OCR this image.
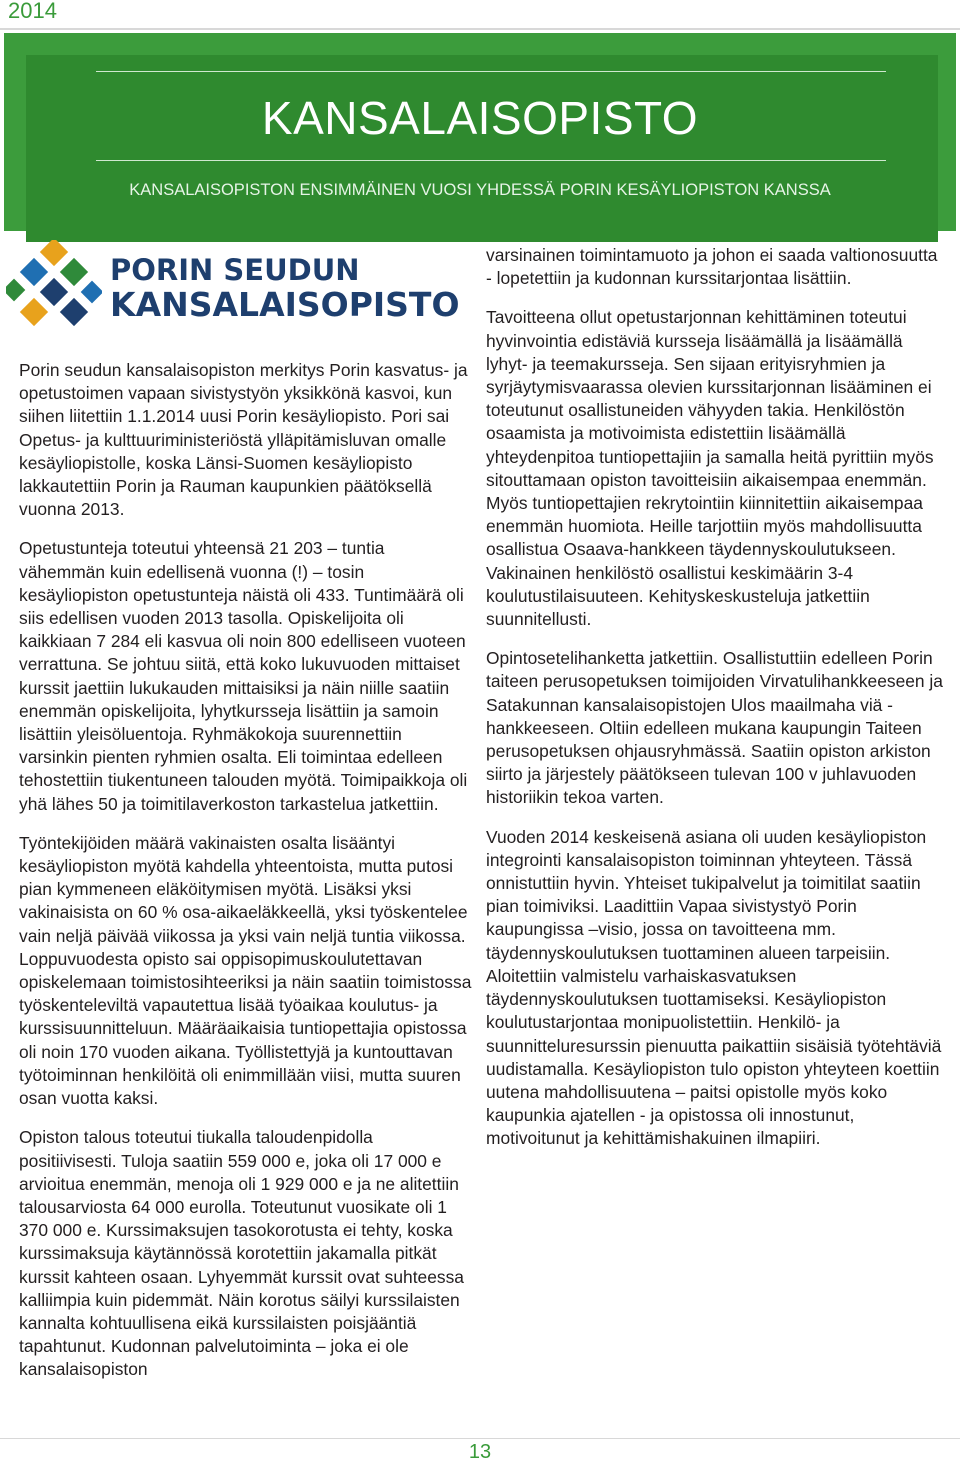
2014
KANSALAISOPISTO
KANSALAISOPISTON ENSIMMÄINEN VUOSI YHDESSÄ PORIN KESÄYLIOPISTON KANSSA
PORIN SEUDUN
KANSALAISOPISTO

Porin seudun kansalaisopiston merkitys Porin kasvatus- ja opetustoimen vapaan sivistystyön yksikkönä kasvoi, kun siihen liitettiin 1.1.2014 uusi Porin kesäyliopisto. Pori sai Opetus- ja kulttuuriministeriöstä ylläpitämisluvan omalle kesäyliopistolle, koska Länsi-Suomen kesäyliopisto lakkautettiin Porin ja Rauman kaupunkien päätöksellä vuonna 2013.

Opetustunteja toteutui yhteensä 21 203 – tuntia vähemmän kuin edellisenä vuonna (!) – tosin kesäyliopiston opetustunteja näistä oli 433. Tuntimäärä oli siis edellisen vuoden 2013 tasolla. Opiskelijoita oli kaikkiaan 7 284 eli kasvua oli noin 800 edelliseen vuoteen verrattuna. Se johtuu siitä, että koko lukuvuoden mittaiset kurssit jaettiin lukukauden mittaisiksi ja näin niille saatiin enemmän opiskelijoita, lyhytkursseja lisättiin ja samoin lisättiin yleisöluentoja. Ryhmäkokoja suurennettiin varsinkin pienten ryhmien osalta. Eli toimintaa edelleen tehostettiin tiukentuneen talouden myötä. Toimipaikkoja oli yhä lähes 50 ja toimitilaverkoston tarkastelua jatkettiin.

Työntekijöiden määrä vakinaisten osalta lisääntyi kesäyliopiston myötä kahdella yhteentoista, mutta putosi pian kymmeneen eläköitymisen myötä. Lisäksi yksi vakinaisista on 60 % osa-aikaeläkkeellä, yksi työskentelee vain neljä päivää viikossa ja yksi vain neljä tuntia viikossa. Loppuvuodesta opisto sai oppisopimuskoulutettavan opiskelemaan toimistosihteeriksi ja näin saatiin toimistossa työskenteleviltä vapautettua lisää työaikaa koulutus- ja kurssisuunnitteluun. Määräaikaisia tuntiopettajia opistossa oli noin 170 vuoden aikana. Työllistettyjä ja kuntouttavan työtoiminnan henkilöitä oli enimmillään viisi, mutta suuren osan vuotta kaksi.

Opiston talous toteutui tiukalla taloudenpidolla positiivisesti. Tuloja saatiin 559 000 e, joka oli 17 000 e arvioitua enemmän, menoja oli 1 929 000 e ja ne alitettiin talousarviosta 64 000 eurolla. Toteutunut vuosikate oli 1 370 000 e. Kurssimaksujen tasokorotusta ei tehty, koska kurssimaksuja käytännössä korotettiin jakamalla pitkät kurssit kahteen osaan. Lyhyemmät kurssit ovat suhteessa kalliimpia kuin pidemmät. Näin korotus säilyi kurssilaisten kannalta kohtuullisena eikä kurssilaisten poisjääntiä tapahtunut. Kudonnan palvelutoiminta – joka ei ole kansalaisopiston

varsinainen toimintamuoto ja johon ei saada valtionosuutta - lopetettiin ja kudonnan kurssitarjontaa lisättiin.

Tavoitteena ollut opetustarjonnan kehittäminen toteutui hyvinvointia edistäviä kursseja lisäämällä ja lisäämällä lyhyt- ja teemakursseja. Sen sijaan erityisryhmien ja syrjäytymisvaarassa olevien kurssitarjonnan lisääminen ei toteutunut osallistuneiden vähyyden takia. Henkilöstön osaamista ja motivoimista edistettiin lisäämällä yhteydenpitoa tuntiopettajiin ja samalla heitä pyrittiin myös sitouttamaan opiston tavoitteisiin aikaisempaa enemmän. Myös tuntiopettajien rekrytointiin kiinnitettiin aikaisempaa enemmän huomiota. Heille tarjottiin myös mahdollisuutta osallistua Osaava-hankkeen täydennyskoulutukseen. Vakinainen henkilöstö osallistui keskimäärin 3-4 koulutustilaisuuteen. Kehityskeskusteluja jatkettiin suunnitellusti.

Opintosetelihanketta jatkettiin. Osallistuttiin edelleen Porin taiteen perusopetuksen toimijoiden Virvatulihankkeeseen ja Satakunnan kansalaisopistojen Ulos maailmaha viä -hankkeeseen. Oltiin edelleen mukana kaupungin Taiteen perusopetuksen ohjausryhmässä. Saatiin opiston arkiston siirto ja järjestely päätökseen tulevan 100 v juhlavuoden historiikin tekoa varten.

Vuoden 2014 keskeisenä asiana oli uuden kesäyliopiston integrointi kansalaisopiston toiminnan yhteyteen. Tässä onnistuttiin hyvin. Yhteiset tukipalvelut ja toimitilat saatiin pian toimiviksi. Laadittiin Vapaa sivistystyö Porin kaupungissa –visio, jossa on tavoitteena mm. täydennyskoulutuksen tuottaminen alueen tarpeisiin. Aloitettiin valmistelu varhaiskasvatuksen täydennyskoulutuksen tuottamiseksi. Kesäyliopiston koulutustarjontaa monipuolistettiin. Henkilö- ja suunnitteluresurssin pienuutta paikattiin sisäisiä työtehtäviä uudistamalla. Kesäyliopiston tulo opiston yhteyteen koettiin uutena mahdollisuutena – paitsi opistolle myös koko kaupunkia ajatellen - ja opistossa oli innostunut, motivoitunut ja kehittämishakuinen ilmapiiri.

13
